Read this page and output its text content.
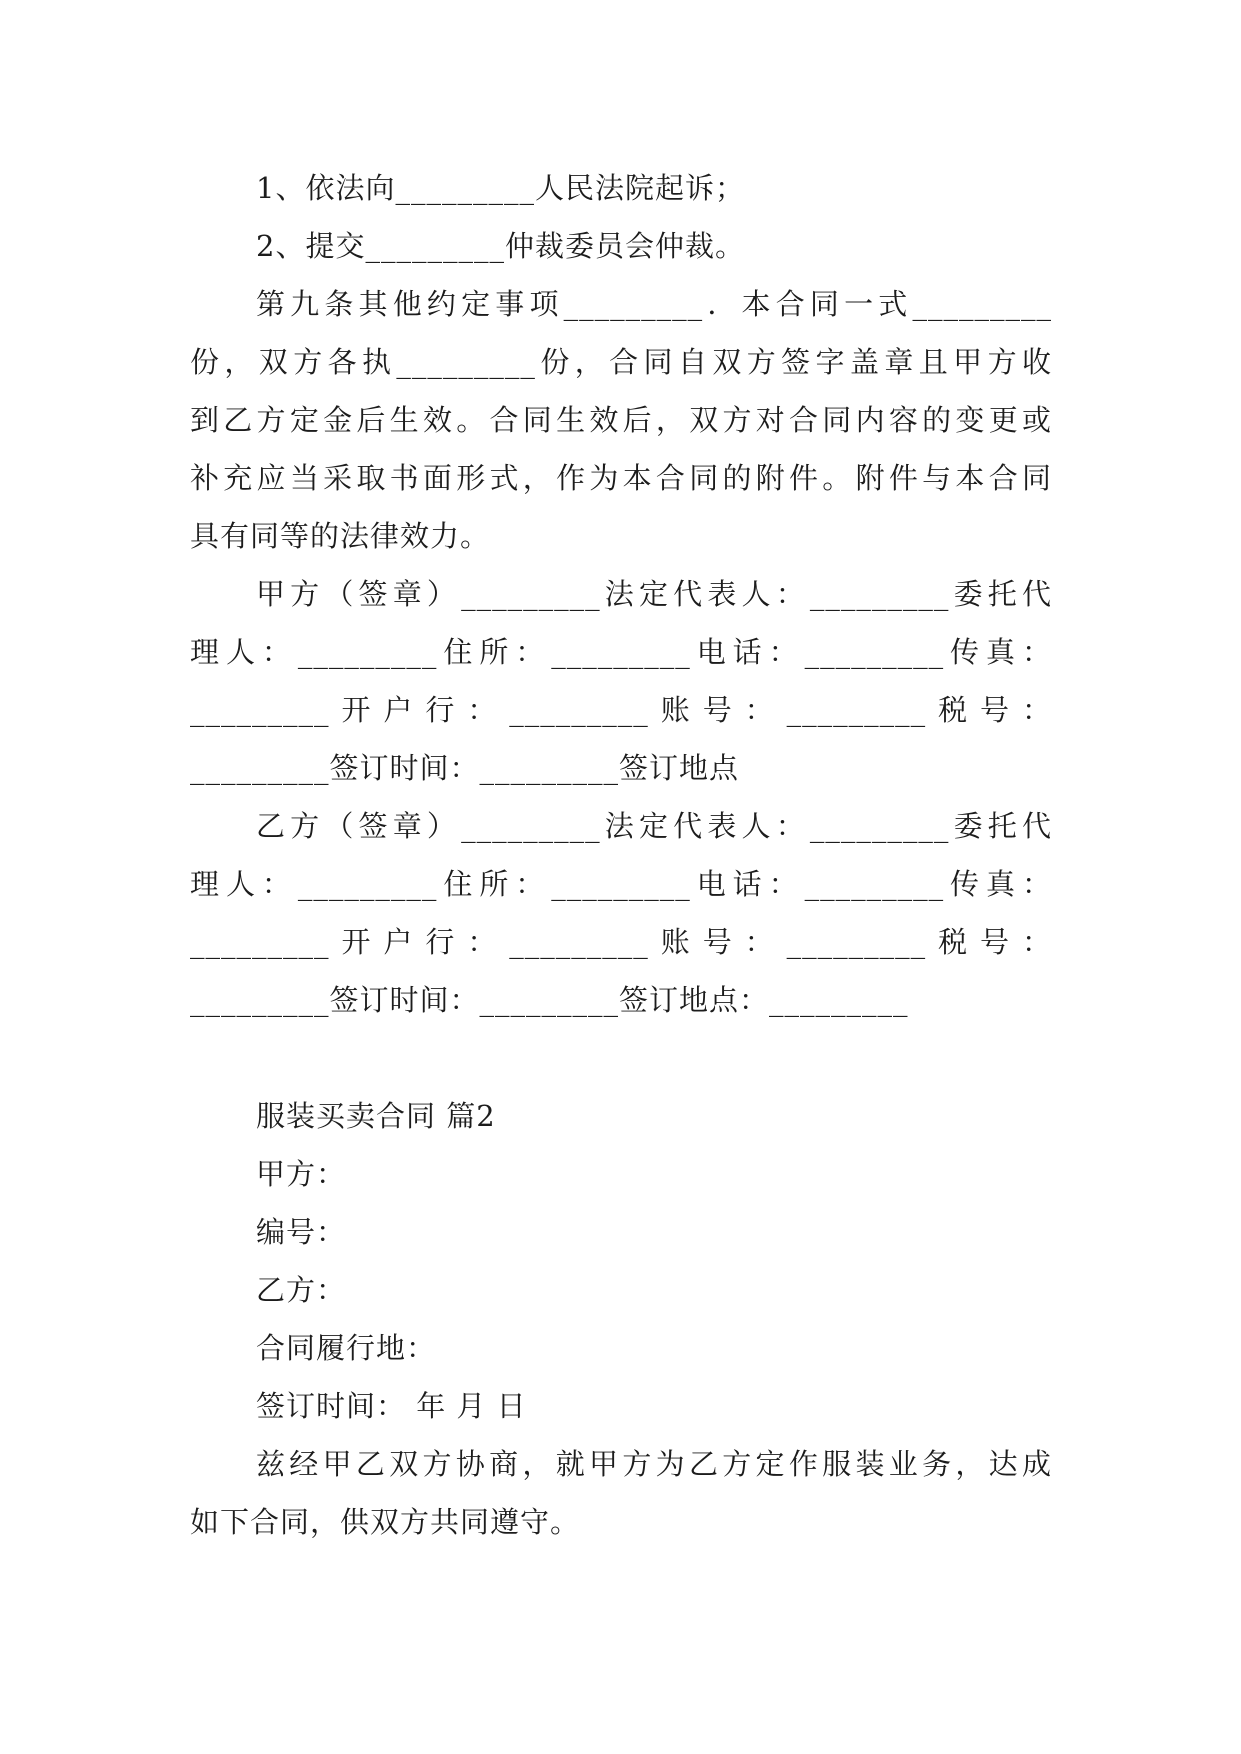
1、依法向_________人民法院起诉；
2、提交_________仲裁委员会仲裁。
第九条其他约定事项_________．本合同一式_________
份，双方各执_________份，合同自双方签字盖章且甲方收
到乙方定金后生效。合同生效后，双方对合同内容的变更或
补充应当采取书面形式，作为本合同的附件。附件与本合同
具有同等的法律效力。
甲方（签章）_________法定代表人：_________委托代
理人：_________住所：_________电话：_________传真：
_________开户行：_________账号：_________税号：
_________签订时间：_________签订地点
乙方（签章）_________法定代表人：_________委托代
理人：_________住所：_________电话：_________传真：
_________开户行：_________账号：_________税号：
_________签订时间：_________签订地点：_________
服装买卖合同 篇2
甲方：
编号：
乙方：
合同履行地：
签订时间： 年 月 日
兹经甲乙双方协商，就甲方为乙方定作服装业务，达成
如下合同，供双方共同遵守。
